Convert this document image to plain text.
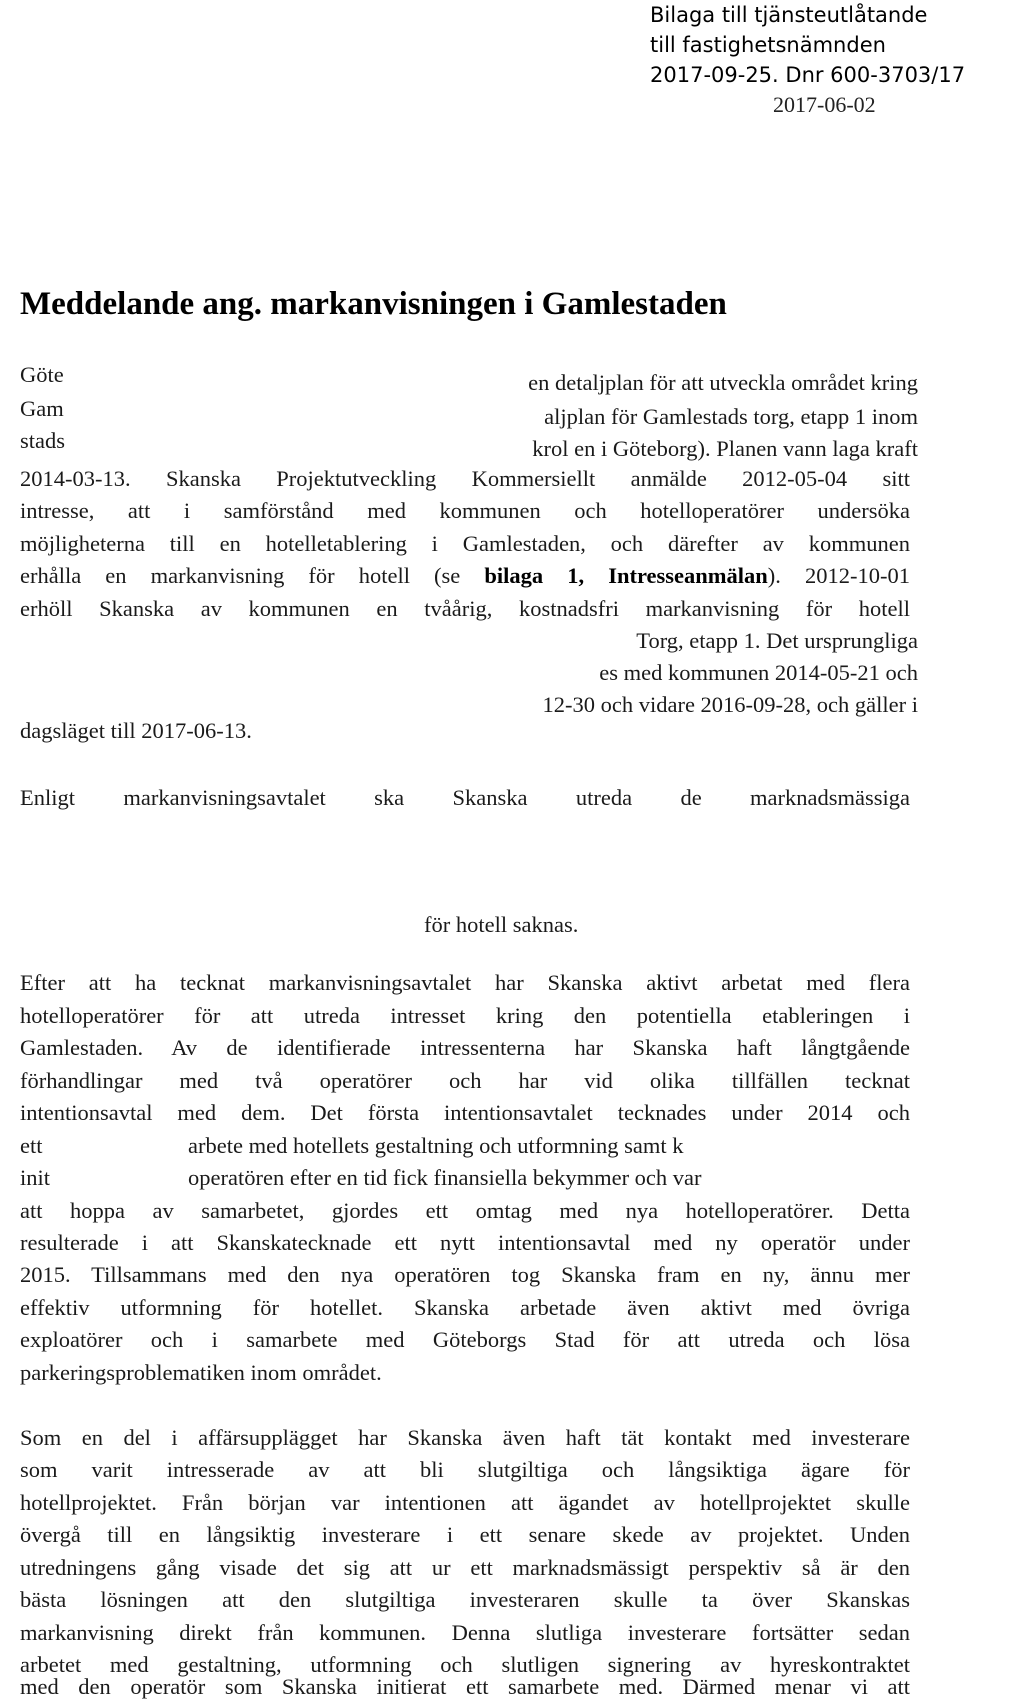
Bilaga till tjänsteutlåtande
till fastighetsnämnden
2017-09-25. Dnr 600-3703/17
2017-06-02
Meddelande ang. markanvisningen i Gamlestaden
Göte	en detaljplan för att utveckla området kring
Gam	aljplan för Gamlestads torg, etapp 1 inom
stads	krol en i Göteborg). Planen vann laga kraft
2014-03-13. Skanska Projektutveckling Kommersiellt anmälde 2012-05-04 sitt
intresse, att i samförstånd med kommunen och hotelloperatörer undersöka
möjligheterna till en hotelletablering i Gamlestaden, och därefter av kommunen
erhålla en markanvisning för hotell (se bilaga 1, Intresseanmälan). 2012-10-01
erhöll Skanska av kommunen en tvåårig, kostnadsfri markanvisning för hotell
Torg, etapp 1. Det ursprungliga
es med kommunen 2014-05-21 och
12-30 och vidare 2016-09-28, och gäller i
dagsläget till 2017-06-13.
Enligt markanvisningsavtalet ska Skanska utreda de marknadsmässiga
för hotell saknas.
Efter att ha tecknat markanvisningsavtalet har Skanska aktivt arbetat med flera
hotelloperatörer för att utreda intresset kring den potentiella etableringen i
Gamlestaden. Av de identifierade intressenterna har Skanska haft långtgående
förhandlingar med två operatörer och har vid olika tillfällen tecknat
intentionsavtal med dem. Det första intentionsavtalet tecknades under 2014 och
ett	arbete med hotellets gestaltning och utformning samt k
init	operatören efter en tid fick finansiella bekymmer och var
att hoppa av samarbetet, gjordes ett omtag med nya hotelloperatörer. Detta
resulterade i att Skanskatecknade ett nytt intentionsavtal med ny operatör under
2015. Tillsammans med den nya operatören tog Skanska fram en ny, ännu mer
effektiv utformning för hotellet. Skanska arbetade även aktivt med övriga
exploatörer och i samarbete med Göteborgs Stad för att utreda och lösa
parkeringsproblematiken inom området.
Som en del i affärsupplägget har Skanska även haft tät kontakt med investerare
som varit intresserade av att bli slutgiltiga och långsiktiga ägare för
hotellprojektet. Från början var intentionen att ägandet av hotellprojektet skulle
övergå till en långsiktig investerare i ett senare skede av projektet. Unden
utredningens gång visade det sig att ur ett marknadsmässigt perspektiv så är den
bästa lösningen att den slutgiltiga investeraren skulle ta över Skanskas
markanvisning direkt från kommunen. Denna slutliga investerare fortsätter sedan
arbetet med gestaltning, utformning och slutligen signering av hyreskontraktet
med den operatör som Skanska initierat ett samarbete med. Därmed menar vi att
